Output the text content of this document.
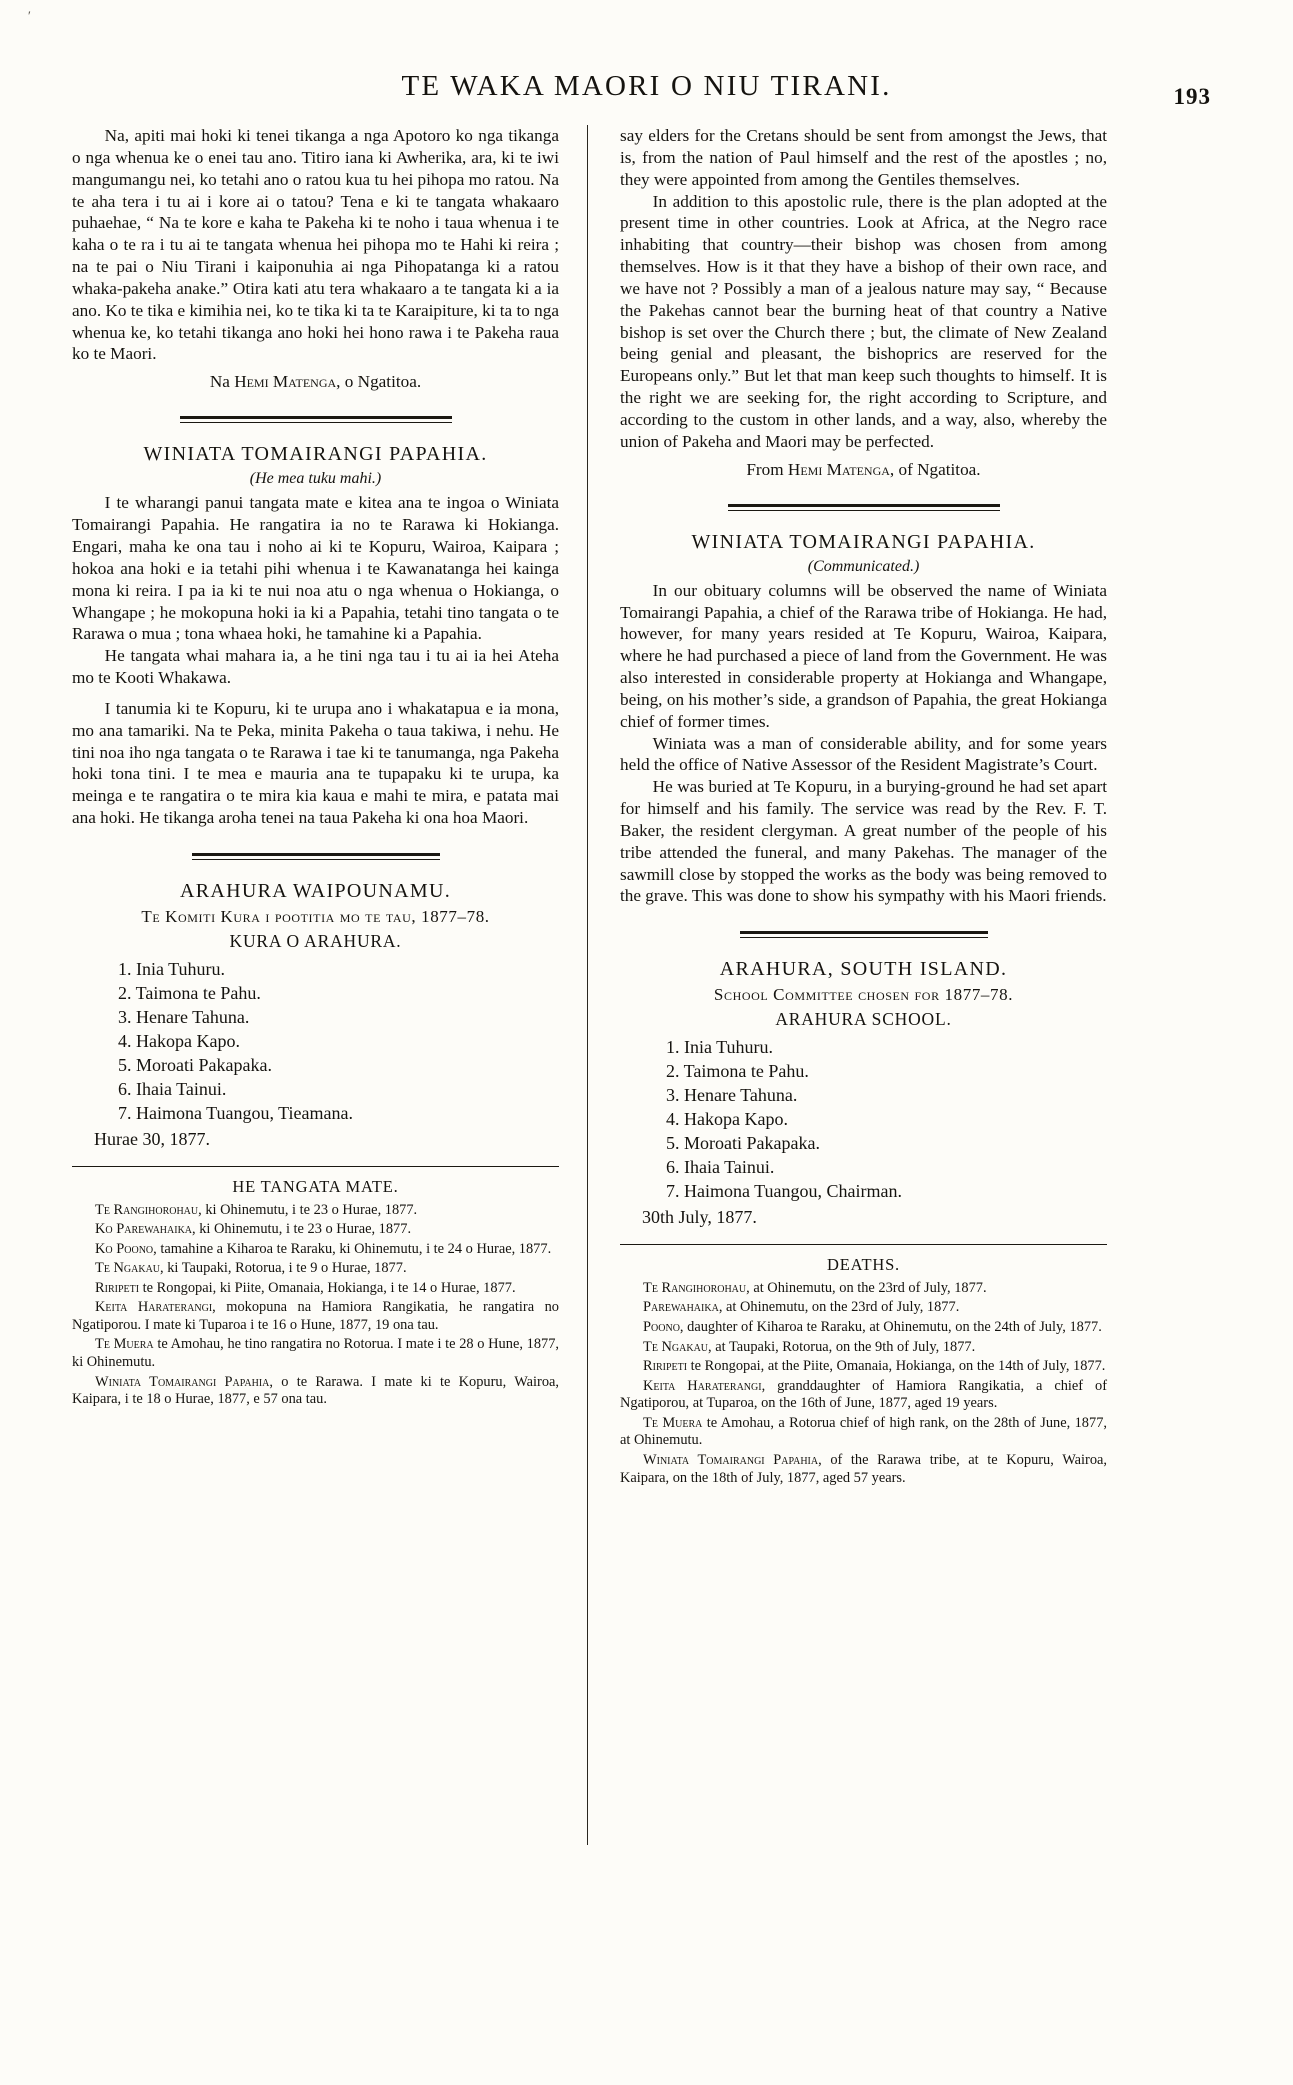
′
TE WAKA MAORI O NIU TIRANI.	193

Na, apiti mai hoki ki tenei tikanga a nga Apotoro ko nga tikanga o nga whenua ke o enei tau ano. Titiro iana ki Awherika, ara, ki te iwi mangumangu nei, ko tetahi ano o ratou kua tu hei pihopa mo ratou. Na te aha tera i tu ai i kore ai o tatou? Tena e ki te tangata whakaaro puhaehae, “ Na te kore e kaha te Pakeha ki te noho i taua whenua i te kaha o te ra i tu ai te tangata whenua hei pihopa mo te Hahi ki reira ; na te pai o Niu Tirani i kaiponuhia ai nga Pihopatanga ki a ratou whaka-pakeha anake.” Otira kati atu tera whakaaro a te tangata ki a ia ano. Ko te tika e kimihia nei, ko te tika ki ta te Karaipiture, ki ta to nga whenua ke, ko tetahi tikanga ano hoki hei hono rawa i te Pakeha raua ko te Maori.

Na Hemi Matenga, o Ngatitoa.
WINIATA TOMAIRANGI PAPAHIA.
(He mea tuku mahi.)

I te wharangi panui tangata mate e kitea ana te ingoa o Winiata Tomairangi Papahia. He rangatira ia no te Rarawa ki Hokianga. Engari, maha ke ona tau i noho ai ki te Kopuru, Wairoa, Kaipara ; hokoa ana hoki e ia tetahi pihi whenua i te Kawanatanga hei kainga mona ki reira. I pa ia ki te nui noa atu o nga whenua o Hokianga, o Whangape ; he mokopuna hoki ia ki a Papahia, tetahi tino tangata o te Rarawa o mua ; tona whaea hoki, he tamahine ki a Papahia.

He tangata whai mahara ia, a he tini nga tau i tu ai ia hei Ateha mo te Kooti Whakawa.

I tanumia ki te Kopuru, ki te urupa ano i whakatapua e ia mona, mo ana tamariki. Na te Peka, minita Pakeha o taua takiwa, i nehu. He tini noa iho nga tangata o te Rarawa i tae ki te tanumanga, nga Pakeha hoki tona tini. I te mea e mauria ana te tupapaku ki te urupa, ka meinga e te rangatira o te mira kia kaua e mahi te mira, e patata mai ana hoki. He tikanga aroha tenei na taua Pakeha ki ona hoa Maori.

ARAHURA WAIPOUNAMU.
Te Komiti Kura i pootitia mo te tau, 1877–78.
KURA O ARAHURA.
1. Inia Tuhuru.
2. Taimona te Pahu.
3. Henare Tahuna.
4. Hakopa Kapo.
5. Moroati Pakapaka.
6. Ihaia Tainui.
7. Haimona Tuangou, Tieamana.
Hurae 30, 1877.
HE TANGATA MATE.

Te Rangihorohau, ki Ohinemutu, i te 23 o Hurae, 1877.

Ko Parewahaika, ki Ohinemutu, i te 23 o Hurae, 1877.

Ko Poono, tamahine a Kiharoa te Raraku, ki Ohinemutu, i te 24 o Hurae, 1877.

Te Ngakau, ki Taupaki, Rotorua, i te 9 o Hurae, 1877.

Riripeti te Rongopai, ki Piite, Omanaia, Hokianga, i te 14 o Hurae, 1877.

Keita Haraterangi, mokopuna na Hamiora Rangikatia, he rangatira no Ngatiporou. I mate ki Tuparoa i te 16 o Hune, 1877, 19 ona tau.

Te Muera te Amohau, he tino rangatira no Rotorua. I mate i te 28 o Hune, 1877, ki Ohinemutu.

Winiata Tomairangi Papahia, o te Rarawa. I mate ki te Kopuru, Wairoa, Kaipara, i te 18 o Hurae, 1877, e 57 ona tau.

say elders for the Cretans should be sent from amongst the Jews, that is, from the nation of Paul himself and the rest of the apostles ; no, they were appointed from among the Gentiles themselves.

In addition to this apostolic rule, there is the plan adopted at the present time in other countries. Look at Africa, at the Negro race inhabiting that country—their bishop was chosen from among themselves. How is it that they have a bishop of their own race, and we have not ? Possibly a man of a jealous nature may say, “ Because the Pakehas cannot bear the burning heat of that country a Native bishop is set over the Church there ; but, the climate of New Zealand being genial and pleasant, the bishoprics are reserved for the Europeans only.” But let that man keep such thoughts to himself. It is the right we are seeking for, the right according to Scripture, and according to the custom in other lands, and a way, also, whereby the union of Pakeha and Maori may be perfected.

From Hemi Matenga, of Ngatitoa.
WINIATA TOMAIRANGI PAPAHIA.
(Communicated.)

In our obituary columns will be observed the name of Winiata Tomairangi Papahia, a chief of the Rarawa tribe of Hokianga. He had, however, for many years resided at Te Kopuru, Wairoa, Kaipara, where he had purchased a piece of land from the Government. He was also interested in considerable property at Hokianga and Whangape, being, on his mother’s side, a grandson of Papahia, the great Hokianga chief of former times.

Winiata was a man of considerable ability, and for some years held the office of Native Assessor of the Resident Magistrate’s Court.

He was buried at Te Kopuru, in a burying-ground he had set apart for himself and his family. The service was read by the Rev. F. T. Baker, the resident clergyman. A great number of the people of his tribe attended the funeral, and many Pakehas. The manager of the sawmill close by stopped the works as the body was being removed to the grave. This was done to show his sympathy with his Maori friends.

ARAHURA, SOUTH ISLAND.
School Committee chosen for 1877–78.
ARAHURA SCHOOL.
1. Inia Tuhuru.
2. Taimona te Pahu.
3. Henare Tahuna.
4. Hakopa Kapo.
5. Moroati Pakapaka.
6. Ihaia Tainui.
7. Haimona Tuangou, Chairman.
30th July, 1877.
DEATHS.

Te Rangihorohau, at Ohinemutu, on the 23rd of July, 1877.

Parewahaika, at Ohinemutu, on the 23rd of July, 1877.

Poono, daughter of Kiharoa te Raraku, at Ohinemutu, on the 24th of July, 1877.

Te Ngakau, at Taupaki, Rotorua, on the 9th of July, 1877.

Riripeti te Rongopai, at the Piite, Omanaia, Hokianga, on the 14th of July, 1877.

Keita Haraterangi, granddaughter of Hamiora Rangikatia, a chief of Ngatiporou, at Tuparoa, on the 16th of June, 1877, aged 19 years.

Te Muera te Amohau, a Rotorua chief of high rank, on the 28th of June, 1877, at Ohinemutu.

Winiata Tomairangi Papahia, of the Rarawa tribe, at te Kopuru, Wairoa, Kaipara, on the 18th of July, 1877, aged 57 years.
